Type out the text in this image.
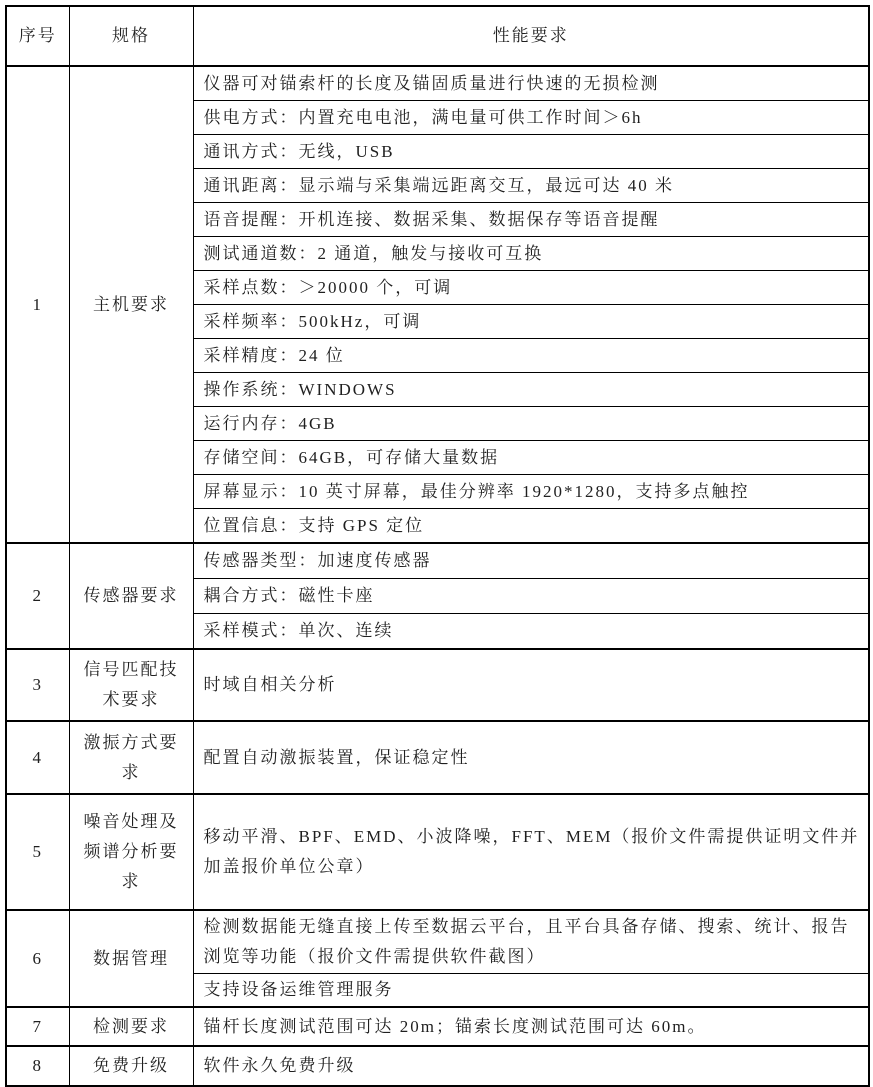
序号	规格	性能要求
1	主机要求	仪器可对锚索杆的长度及锚固质量进行快速的无损检测
		供电方式：内置充电电池，满电量可供工作时间＞6h
		通讯方式：无线，USB
		通讯距离：显示端与采集端远距离交互，最远可达 40 米
		语音提醒：开机连接、数据采集、数据保存等语音提醒
		测试通道数：2 通道，触发与接收可互换
		采样点数：＞20000 个，可调
		采样频率：500kHz，可调
		采样精度：24 位
		操作系统：WINDOWS
		运行内存：4GB
		存储空间：64GB，可存储大量数据
		屏幕显示：10 英寸屏幕，最佳分辨率 1920*1280，支持多点触控
		位置信息：支持 GPS 定位
2	传感器要求	传感器类型：加速度传感器
		耦合方式：磁性卡座
		采样模式：单次、连续
3	信号匹配技术要求	时域自相关分析
4	激振方式要求	配置自动激振装置，保证稳定性
5	噪音处理及频谱分析要求	移动平滑、BPF、EMD、小波降噪，FFT、MEM（报价文件需提供证明文件并加盖报价单位公章）
6	数据管理	检测数据能无缝直接上传至数据云平台，且平台具备存储、搜索、统计、报告浏览等功能（报价文件需提供软件截图）
		支持设备运维管理服务
7	检测要求	锚杆长度测试范围可达 20m；锚索长度测试范围可达 60m。
8	免费升级	软件永久免费升级
